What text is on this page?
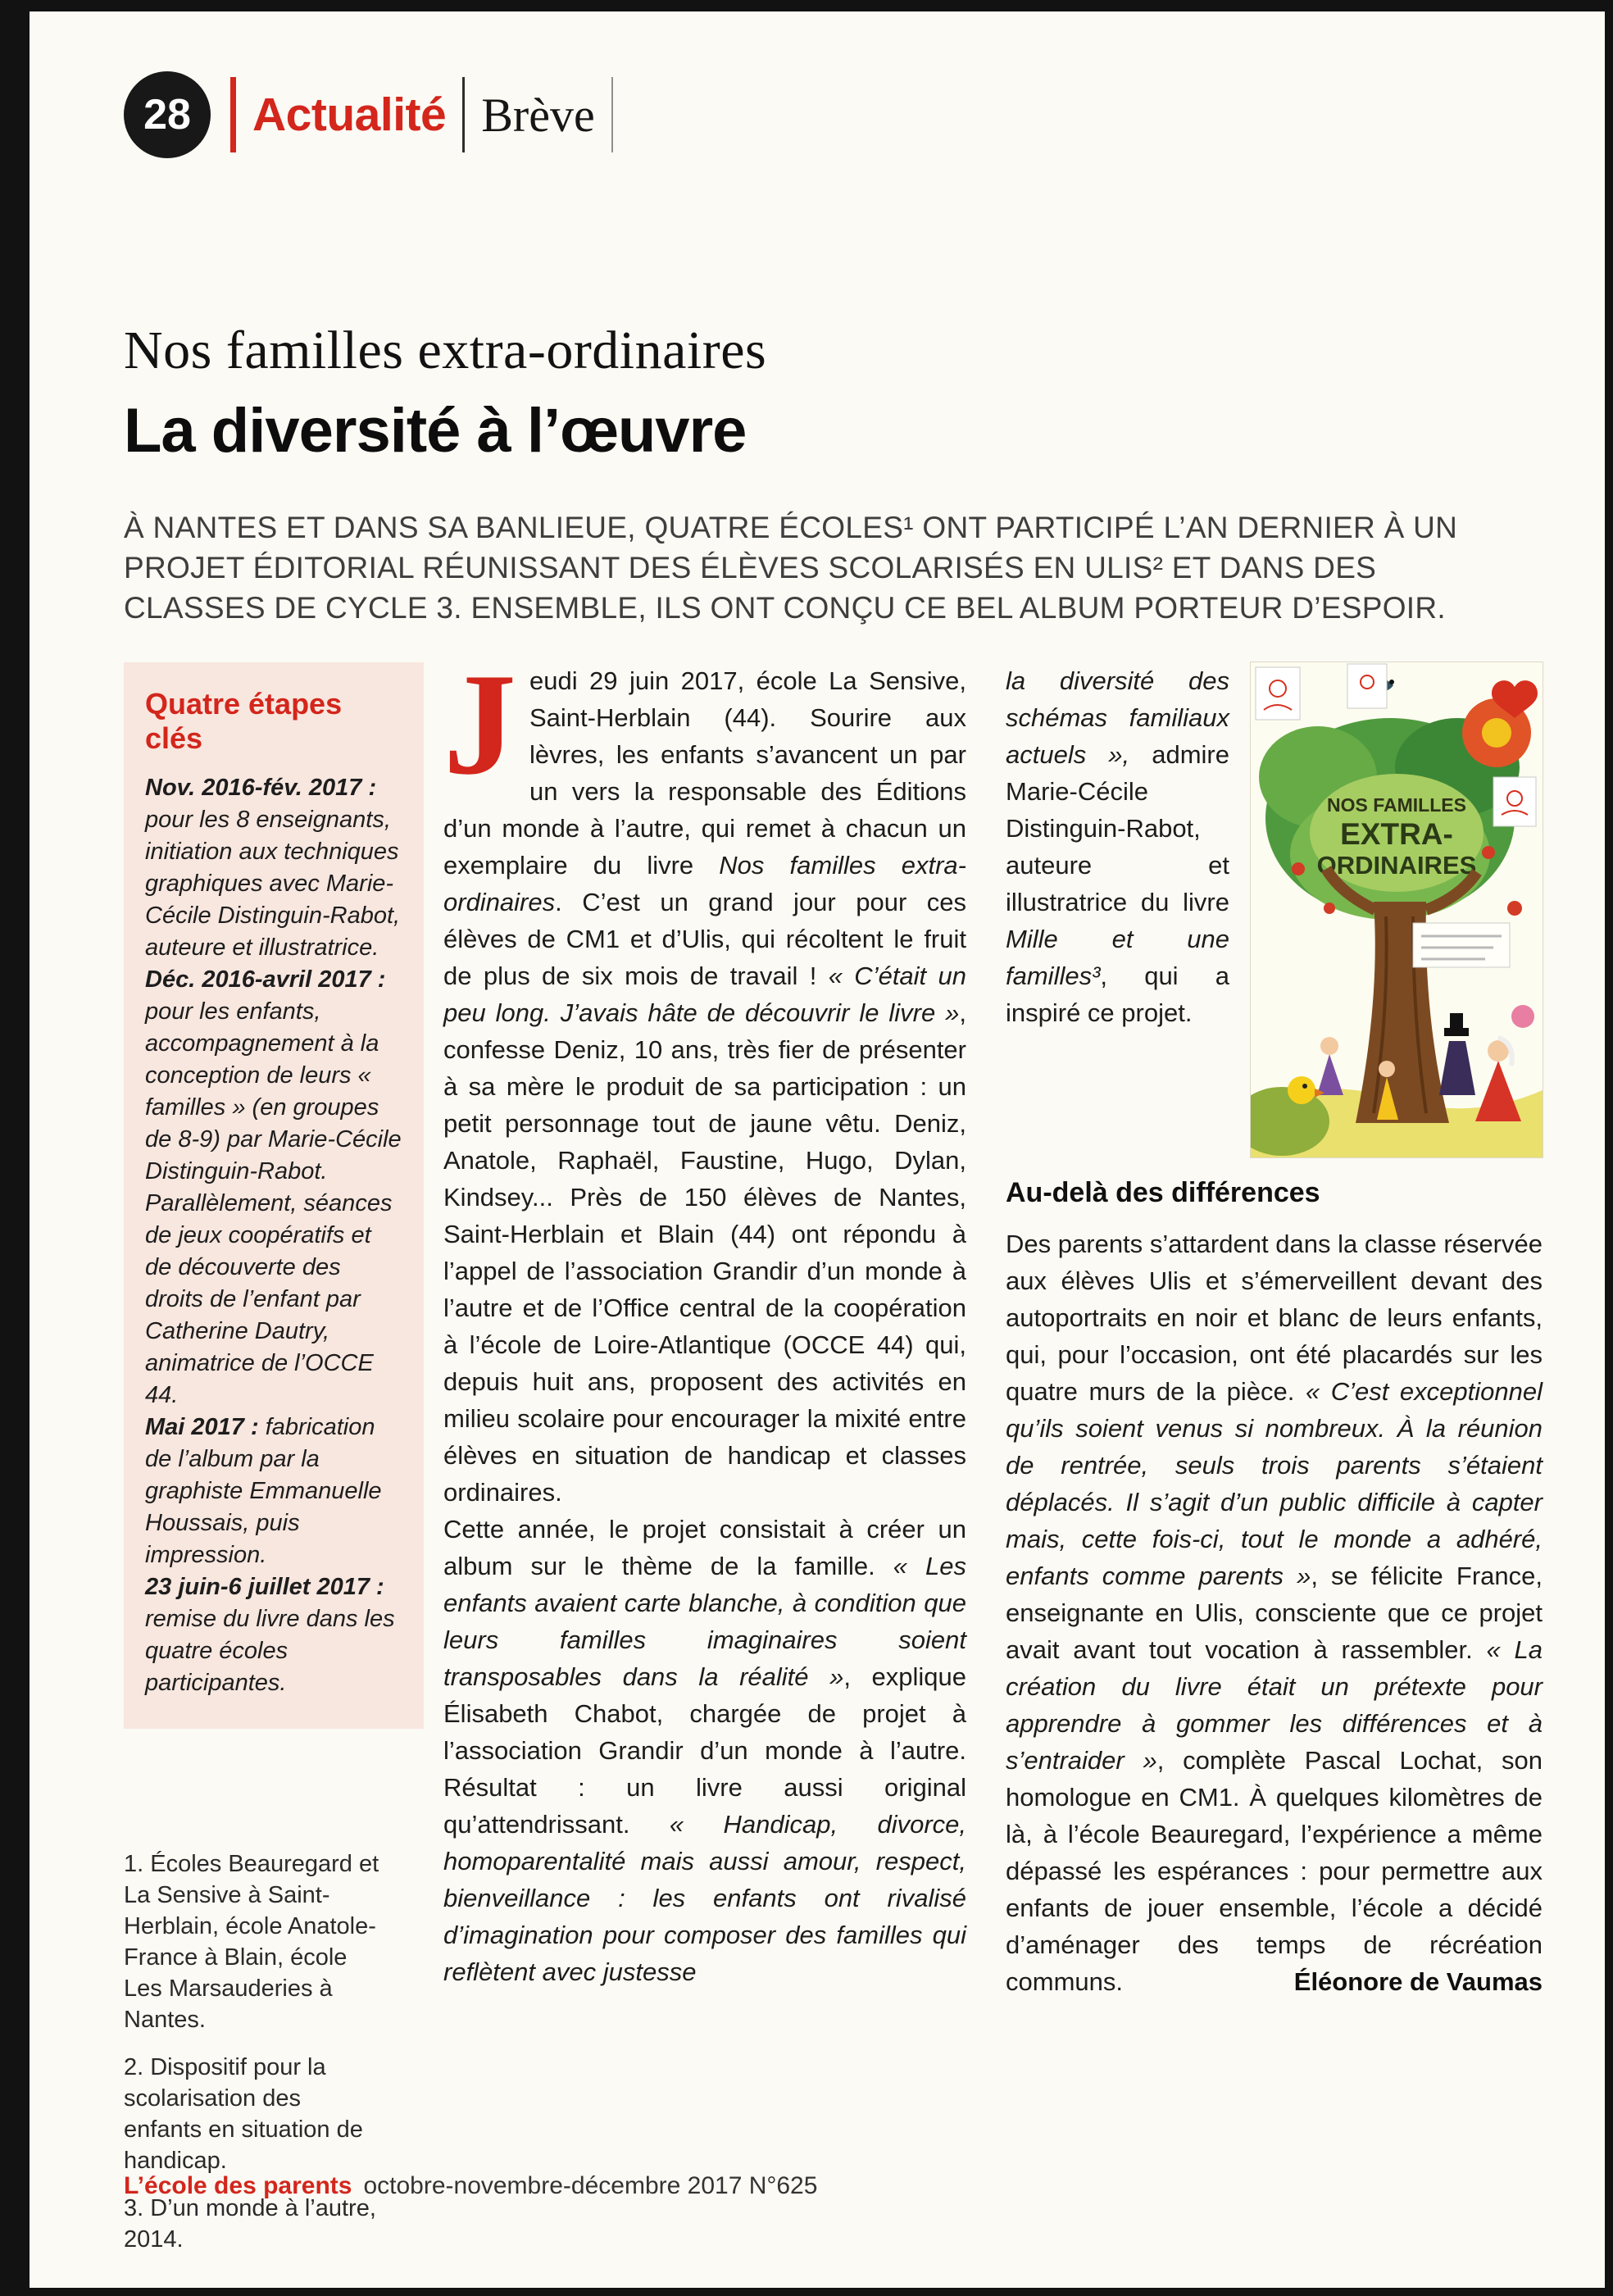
28 Actualité Brève
Nos familles extra-ordinaires
La diversité à l’œuvre

À NANTES ET DANS SA BANLIEUE, QUATRE ÉCOLES¹ ONT PARTICIPÉ L’AN DERNIER À UN PROJET ÉDITORIAL RÉUNISSANT DES ÉLÈVES SCOLARISÉS EN ULIS² ET DANS DES CLASSES DE CYCLE 3. ENSEMBLE, ILS ONT CONÇU CE BEL ALBUM PORTEUR D’ESPOIR.

Quatre étapes clés

Nov. 2016-fév. 2017 : pour les 8 enseignants, initiation aux techniques graphiques avec Marie-Cécile Distinguin-Rabot, auteure et illustratrice.

Déc. 2016-avril 2017 : pour les enfants, accompagnement à la conception de leurs « familles » (en groupes de 8-9) par Marie-Cécile Distinguin-Rabot. Parallèlement, séances de jeux coopératifs et de découverte des droits de l’enfant par Catherine Dautry, animatrice de l’OCCE 44.

Mai 2017 : fabrication de l’album par la graphiste Emmanuelle Houssais, puis impression.

23 juin-6 juillet 2017 : remise du livre dans les quatre écoles participantes.

1. Écoles Beauregard et La Sensive à Saint-Herblain, école Anatole-France à Blain, école Les Marsauderies à Nantes.

2. Dispositif pour la scolarisation des enfants en situation de handicap.

3. D’un monde à l’autre, 2014.

Jeudi 29 juin 2017, école La Sensive, Saint-Herblain (44). Sourire aux lèvres, les enfants s’avancent un par un vers la responsable des Éditions d’un monde à l’autre, qui remet à chacun un exemplaire du livre Nos familles extra-ordinaires. C’est un grand jour pour ces élèves de CM1 et d’Ulis, qui récoltent le fruit de plus de six mois de travail ! « C’était un peu long. J’avais hâte de découvrir le livre », confesse Deniz, 10 ans, très fier de présenter à sa mère le produit de sa participation : un petit personnage tout de jaune vêtu. Deniz, Anatole, Raphaël, Faustine, Hugo, Dylan, Kindsey... Près de 150 élèves de Nantes, Saint-Herblain et Blain (44) ont répondu à l’appel de l’association Grandir d’un monde à l’autre et de l’Office central de la coopération à l’école de Loire-Atlantique (OCCE 44) qui, depuis huit ans, proposent des activités en milieu scolaire pour encourager la mixité entre élèves en situation de handicap et classes ordinaires.

Cette année, le projet consistait à créer un album sur le thème de la famille. « Les enfants avaient carte blanche, à condition que leurs familles imaginaires soient transposables dans la réalité », explique Élisabeth Chabot, chargée de projet à l’association Grandir d’un monde à l’autre. Résultat : un livre aussi original qu’attendrissant. « Handicap, divorce, homoparentalité mais aussi amour, respect, bienveillance : les enfants ont rivalisé d’imagination pour composer des familles qui reflètent avec justesse

NOS FAMILLES
EXTRA-
ORDINAIRES

la diversité des schémas familiaux actuels », admire Marie-Cécile Distinguin-Rabot, auteure et illustratrice du livre Mille et une familles³, qui a inspiré ce projet.

Au-delà des différences

Des parents s’attardent dans la classe réservée aux élèves Ulis et s’émerveillent devant des autoportraits en noir et blanc de leurs enfants, qui, pour l’occasion, ont été placardés sur les quatre murs de la pièce. « C’est exceptionnel qu’ils soient venus si nombreux. À la réunion de rentrée, seuls trois parents s’étaient déplacés. Il s’agit d’un public difficile à capter mais, cette fois-ci, tout le monde a adhéré, enfants comme parents », se félicite France, enseignante en Ulis, consciente que ce projet avait avant tout vocation à rassembler. « La création du livre était un prétexte pour apprendre à gommer les différences et à s’entraider », complète Pascal Lochat, son homologue en CM1. À quelques kilomètres de là, à l’école Beauregard, l’expérience a même dépassé les espérances : pour permettre aux enfants de jouer ensemble, l’école a décidé d’aménager des temps de récréation communs.	Éléonore de Vaumas

L’école des parents octobre-novembre-décembre 2017 N°625
